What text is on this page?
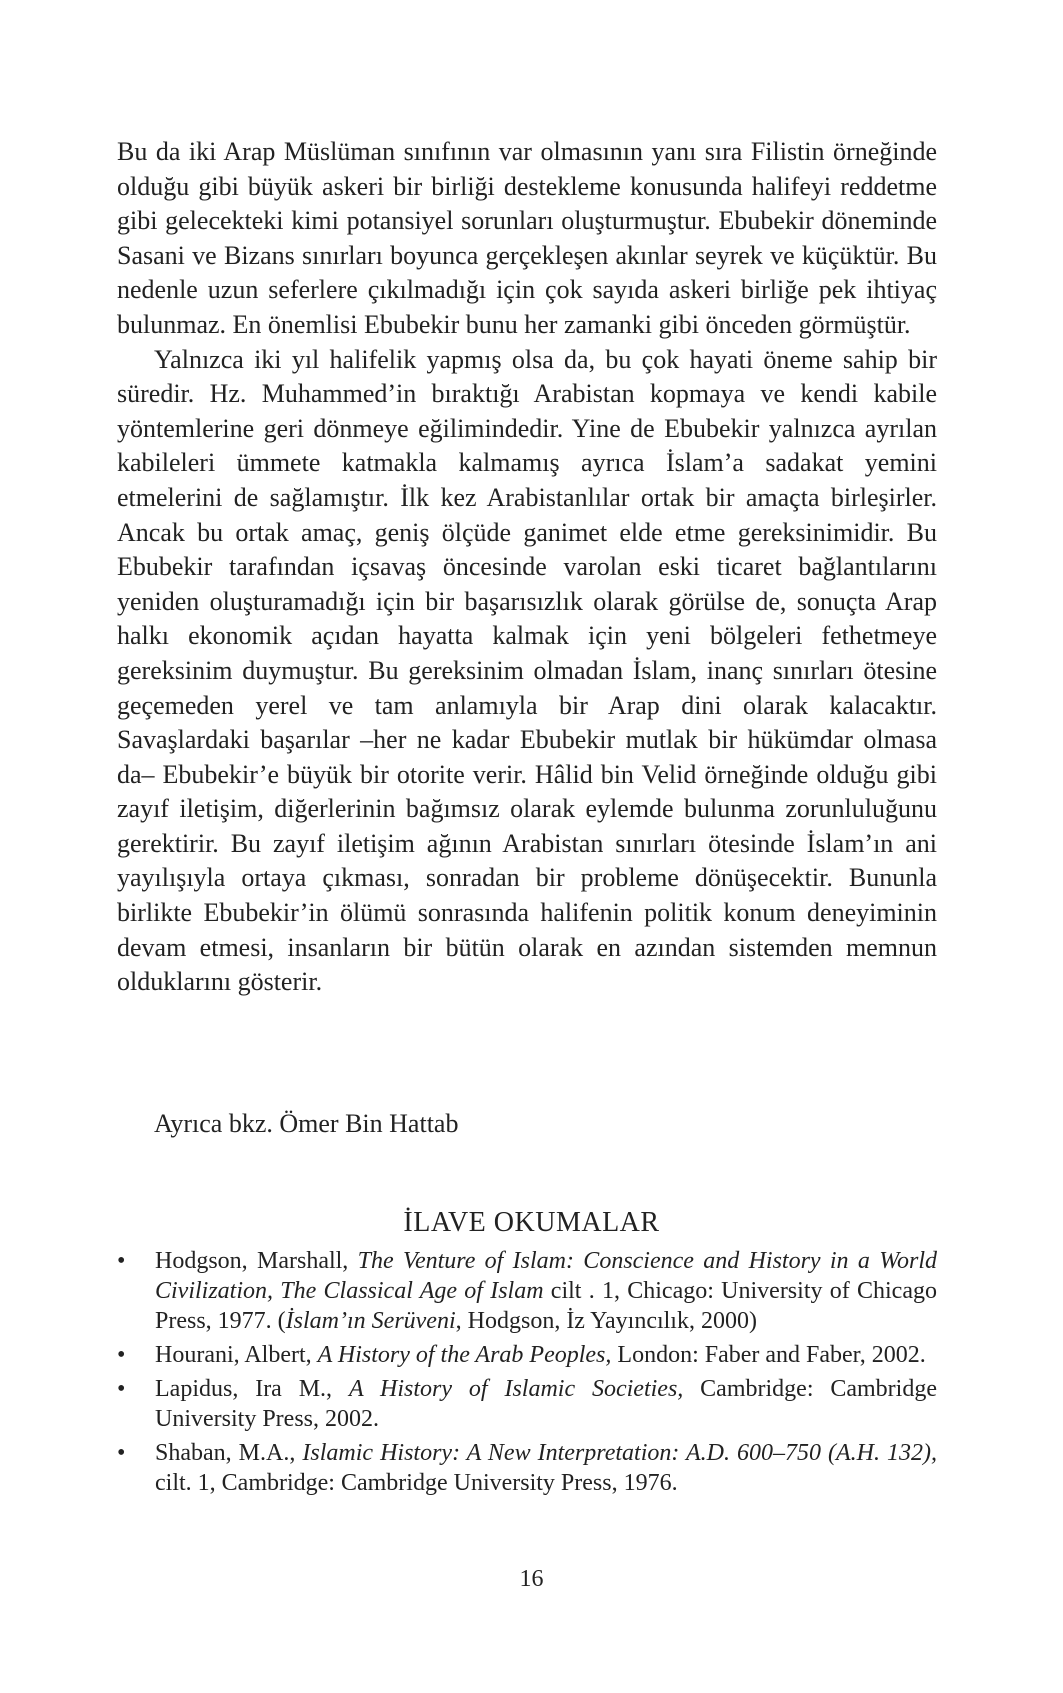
Bu da iki Arap Müslüman sınıfının var olmasının yanı sıra Filistin örneğinde olduğu gibi büyük askeri bir birliği destekleme konusunda halifeyi reddetme gibi gelecekteki kimi potansiyel sorunları oluşturmuştur. Ebubekir döneminde Sasani ve Bizans sınırları boyunca gerçekleşen akınlar seyrek ve küçüktür. Bu nedenle uzun seferlere çıkılmadığı için çok sayıda askeri birliğe pek ihtiyaç bulunmaz. En önemlisi Ebubekir bunu her zamanki gibi önceden görmüştür.

Yalnızca iki yıl halifelik yapmış olsa da, bu çok hayati öneme sahip bir süredir. Hz. Muhammed’in bıraktığı Arabistan kopmaya ve kendi kabile yöntemlerine geri dönmeye eğilimindedir. Yine de Ebubekir yalnızca ayrılan kabileleri ümmete katmakla kalmamış ayrıca İslam’a sadakat yemini etmelerini de sağlamıştır. İlk kez Arabistanlılar ortak bir amaçta birleşirler. Ancak bu ortak amaç, geniş ölçüde ganimet elde etme gereksinimidir. Bu Ebubekir tarafından içsavaş öncesinde varolan eski ticaret bağlantılarını yeniden oluşturamadığı için bir başarısızlık olarak görülse de, sonuçta Arap halkı ekonomik açıdan hayatta kalmak için yeni bölgeleri fethetmeye gereksinim duymuştur. Bu gereksinim olmadan İslam, inanç sınırları ötesine geçemeden yerel ve tam anlamıyla bir Arap dini olarak kalacaktır. Savaşlardaki başarılar –her ne kadar Ebubekir mutlak bir hükümdar olmasa da– Ebubekir’e büyük bir otorite verir. Hâlid bin Velid örneğinde olduğu gibi zayıf iletişim, diğerlerinin bağımsız olarak eylemde bulunma zorunluluğunu gerektirir. Bu zayıf iletişim ağının Arabistan sınırları ötesinde İslam’ın ani yayılışıyla ortaya çıkması, sonradan bir probleme dönüşecektir. Bununla birlikte Ebubekir’in ölümü sonrasında halifenin politik konum deneyiminin devam etmesi, insanların bir bütün olarak en azından sistemden memnun olduklarını gösterir.

Ayrıca bkz. Ömer Bin Hattab
İLAVE OKUMALAR
• Hodgson, Marshall, The Venture of Islam: Conscience and History in a World Civilization, The Classical Age of Islam cilt . 1, Chicago: University of Chicago Press, 1977. (İslam’ın Serüveni, Hodgson, İz Yayıncılık, 2000)
• Hourani, Albert, A History of the Arab Peoples, London: Faber and Faber, 2002.
• Lapidus, Ira M., A History of Islamic Societies, Cambridge: Cambridge University Press, 2002.
• Shaban, M.A., Islamic History: A New Interpretation: A.D. 600–750 (A.H. 132), cilt. 1, Cambridge: Cambridge University Press, 1976.
16
